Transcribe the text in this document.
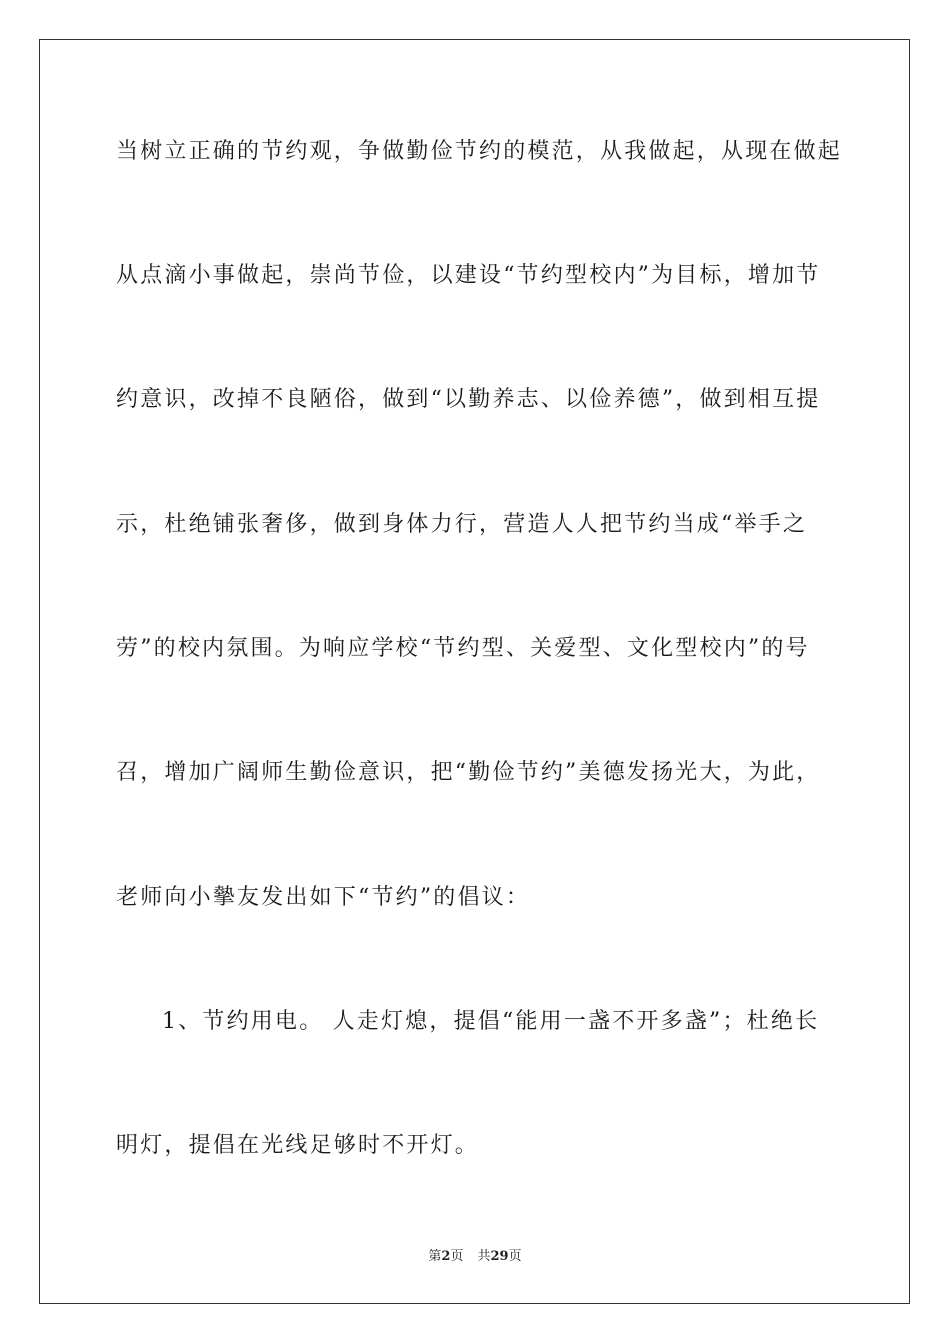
当树立正确的节约观，争做勤俭节约的模范，从我做起，从现在做起
从点滴小事做起，崇尚节俭，以建设“节约型校内”为目标，增加节
约意识，改掉不良陋俗，做到“以勤养志、以俭养德”，做到相互提
示，杜绝铺张奢侈，做到身体力行，营造人人把节约当成“举手之
劳”的校内氛围。为响应学校“节约型、关爱型、文化型校内”的号
召，增加广阔师生勤俭意识，把“勤俭节约”美德发扬光大，为此，
老师向小摰友发出如下“节约”的倡议：
1、节约用电。 人走灯熄，提倡“能用一盏不开多盏”；杜绝长
明灯，提倡在光线足够时不开灯。
第2页 共29页
